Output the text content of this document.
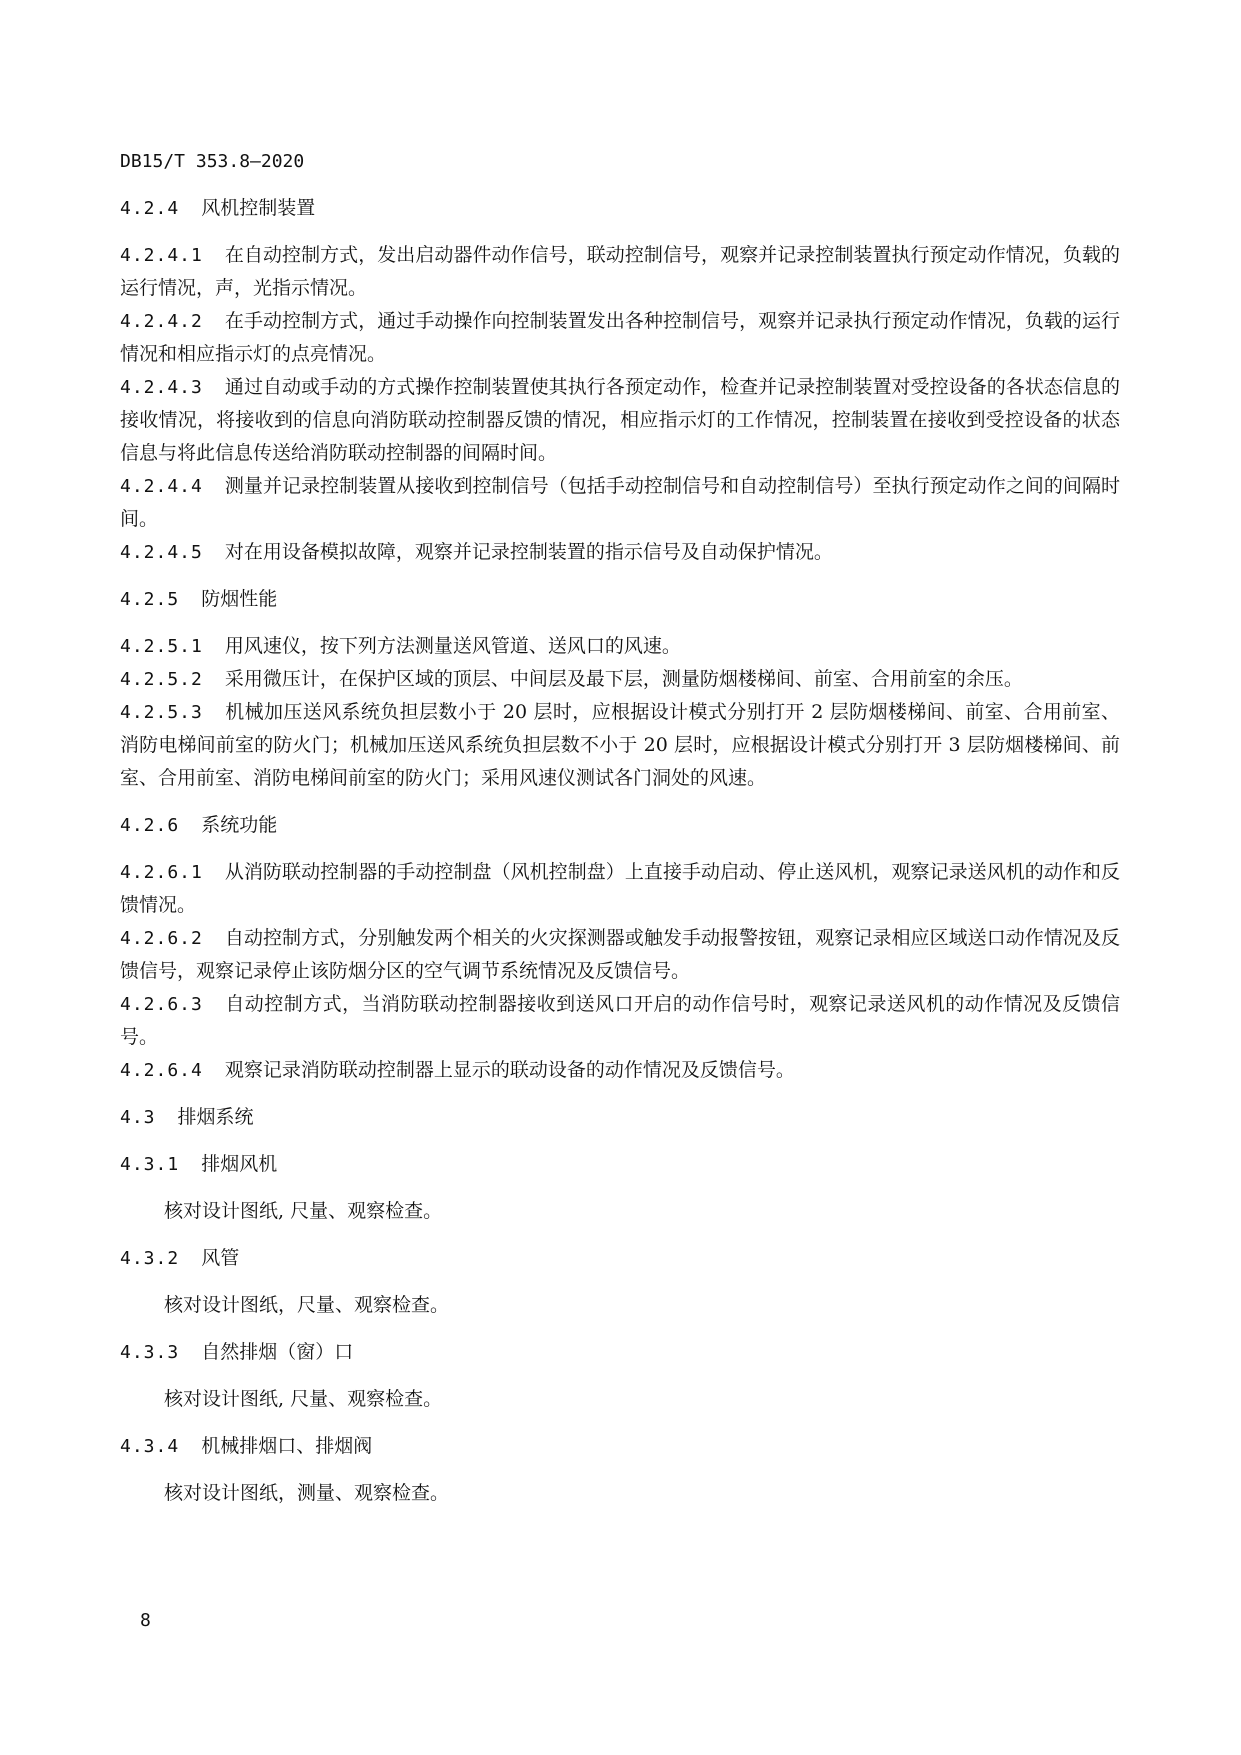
DB15/T 353.8—2020
4.2.4 风机控制装置
4.2.4.1 在自动控制方式，发出启动器件动作信号，联动控制信号，观察并记录控制装置执行预定动作情况，负载的运行情况，声，光指示情况。
4.2.4.2 在手动控制方式，通过手动操作向控制装置发出各种控制信号，观察并记录执行预定动作情况，负载的运行情况和相应指示灯的点亮情况。
4.2.4.3 通过自动或手动的方式操作控制装置使其执行各预定动作，检查并记录控制装置对受控设备的各状态信息的接收情况，将接收到的信息向消防联动控制器反馈的情况，相应指示灯的工作情况，控制装置在接收到受控设备的状态信息与将此信息传送给消防联动控制器的间隔时间。
4.2.4.4 测量并记录控制装置从接收到控制信号（包括手动控制信号和自动控制信号）至执行预定动作之间的间隔时间。
4.2.4.5 对在用设备模拟故障，观察并记录控制装置的指示信号及自动保护情况。
4.2.5 防烟性能
4.2.5.1 用风速仪，按下列方法测量送风管道、送风口的风速。
4.2.5.2 采用微压计，在保护区域的顶层、中间层及最下层，测量防烟楼梯间、前室、合用前室的余压。
4.2.5.3 机械加压送风系统负担层数小于 20 层时，应根据设计模式分别打开 2 层防烟楼梯间、前室、合用前室、消防电梯间前室的防火门；机械加压送风系统负担层数不小于 20 层时，应根据设计模式分别打开 3 层防烟楼梯间、前室、合用前室、消防电梯间前室的防火门；采用风速仪测试各门洞处的风速。
4.2.6 系统功能
4.2.6.1 从消防联动控制器的手动控制盘（风机控制盘）上直接手动启动、停止送风机，观察记录送风机的动作和反馈情况。
4.2.6.2 自动控制方式，分别触发两个相关的火灾探测器或触发手动报警按钮，观察记录相应区域送口动作情况及反馈信号，观察记录停止该防烟分区的空气调节系统情况及反馈信号。
4.2.6.3 自动控制方式，当消防联动控制器接收到送风口开启的动作信号时，观察记录送风机的动作情况及反馈信号。
4.2.6.4 观察记录消防联动控制器上显示的联动设备的动作情况及反馈信号。
4.3 排烟系统
4.3.1 排烟风机
核对设计图纸, 尺量、观察检查。
4.3.2 风管
核对设计图纸，尺量、观察检查。
4.3.3 自然排烟（窗）口
核对设计图纸, 尺量、观察检查。
4.3.4 机械排烟口、排烟阀
核对设计图纸，测量、观察检查。
8
